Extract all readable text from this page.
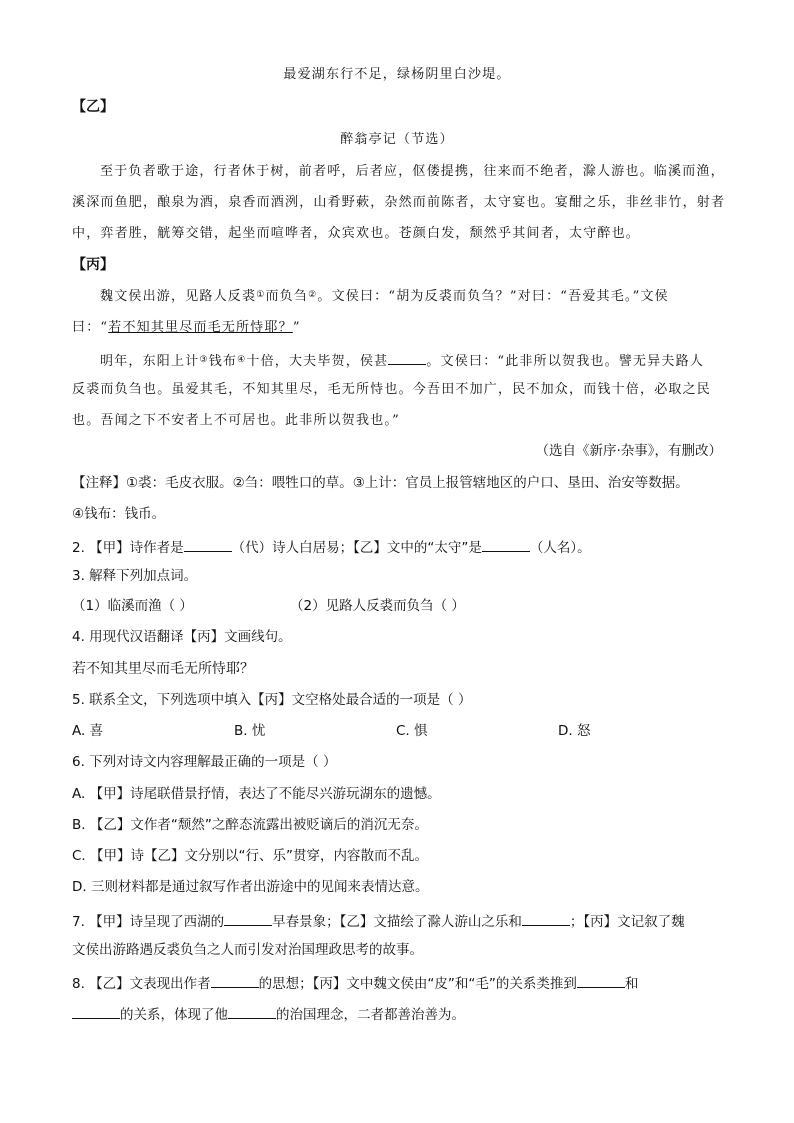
最爱湖东行不足，绿杨阴里白沙堤。
【乙】
醉翁亭记（节选）
至于负者歌于途，行者休于树，前者呼，后者应，伛偻提携，往来而不绝者，滁人游也。临溪而渔，
溪深而鱼肥，酿泉为酒，泉香而酒洌，山肴野蔌，杂然而前陈者，太守宴也。宴酣之乐，非丝非竹，射者
中，弈者胜，觥筹交错，起坐而喧哗者，众宾欢也。苍颜白发，颓然乎其间者，太守醉也。
【丙】
魏文侯出游，见路人反裘①而负刍②。文侯曰：“胡为反裘而负刍？”对曰：“吾爱其毛。”文侯
曰：“若不知其里尽而毛无所恃耶？”
明年，东阳上计③钱布④十倍，大夫毕贺，侯甚	。文侯曰：“此非所以贺我也。譬无异夫路人
反裘而负刍也。虽爱其毛，不知其里尽，毛无所恃也。今吾田不加广，民不加众，而钱十倍，必取之民
也。吾闻之下不安者上不可居也。此非所以贺我也。”
（选自《新序·杂事》，有删改）
【注释】①裘：毛皮衣服。②刍：喂牲口的草。③上计：官员上报管辖地区的户口、垦田、治安等数据。
④钱布：钱币。
2. 【甲】诗作者是	（代）诗人白居易；【乙】文中的“太守”是	（人名）。
3. 解释下列加点词。
（1）临溪而渔（ ）	（2）见路人反裘而负刍（ ）
4. 用现代汉语翻译【丙】文画线句。
若不知其里尽而毛无所恃耶？
5. 联系全文，下列选项中填入【丙】文空格处最合适的一项是（ ）
A. 喜	B. 忧	C. 惧	D. 怒
6. 下列对诗文内容理解最正确的一项是（ ）
A. 【甲】诗尾联借景抒情，表达了不能尽兴游玩湖东的遗憾。
B. 【乙】文作者“颓然”之醉态流露出被贬谪后的消沉无奈。
C. 【甲】诗【乙】文分别以“行、乐”贯穿，内容散而不乱。
D. 三则材料都是通过叙写作者出游途中的见闻来表情达意。
7. 【甲】诗呈现了西湖的	早春景象；【乙】文描绘了滁人游山之乐和	；【丙】文记叙了魏
文侯出游路遇反裘负刍之人而引发对治国理政思考的故事。
8. 【乙】文表现出作者	的思想；【丙】文中魏文侯由“皮”和“毛”的关系类推到	和
的关系，体现了他	的治国理念，二者都善治善为。
